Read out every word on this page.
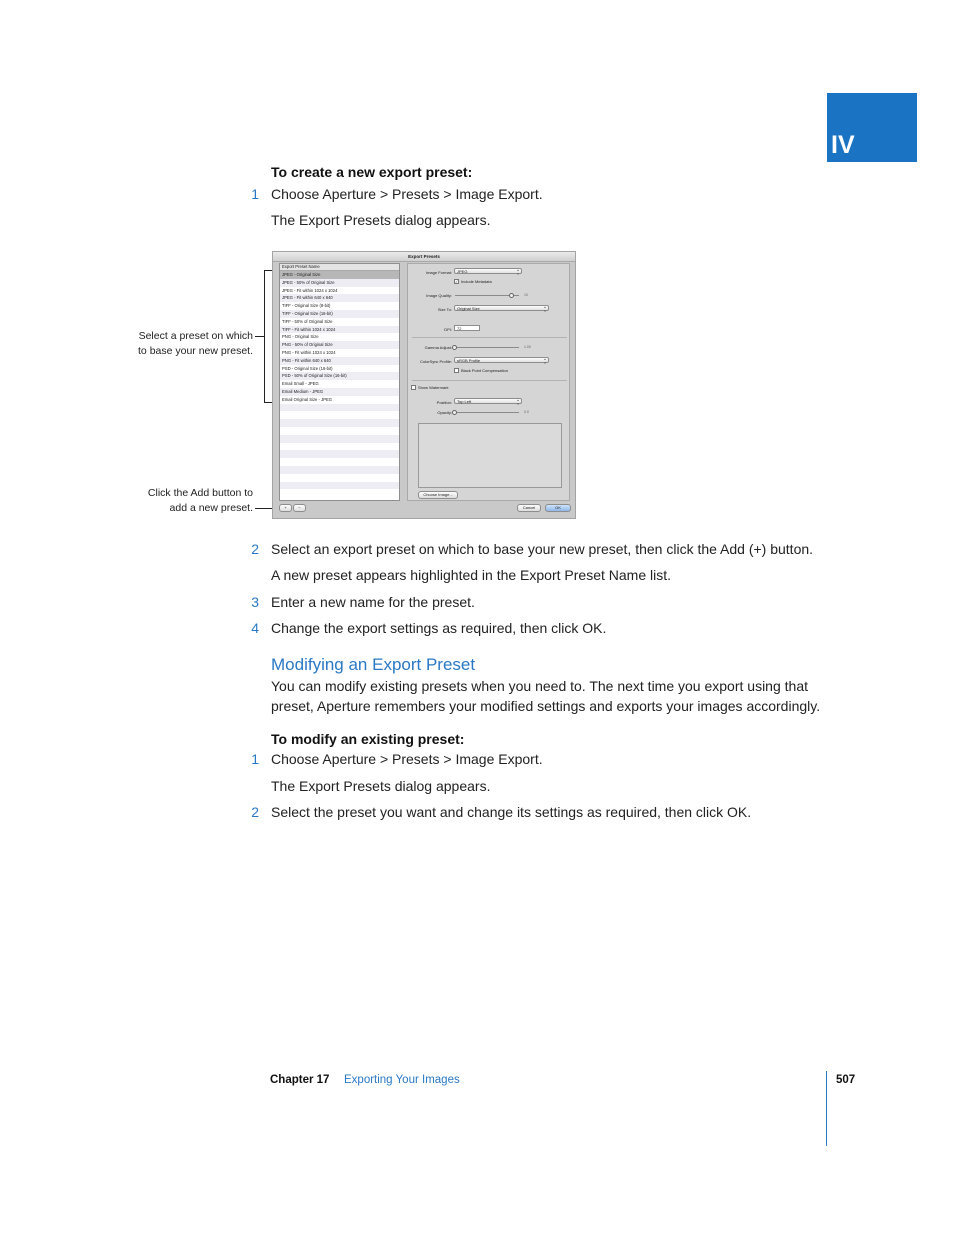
IV
To create a new export preset:
1 Choose Aperture > Presets > Image Export.
The Export Presets dialog appears.
Select a preset on which
to base your new preset.
Click the Add button to
add a new preset.
Export Presets
Export Preset Name
JPEG - Original Size
JPEG - 50% of Original Size
JPEG - Fit within 1024 x 1024
JPEG - Fit within 640 x 640
TIFF - Original Size (8-bit)
TIFF - Original Size (16-bit)
TIFF - 50% of Original Size
TIFF - Fit within 1024 x 1024
PNG - Original Size
PNG - 50% of Original Size
PNG - Fit within 1024 x 1024
PNG - Fit within 640 x 640
PSD - Original Size (16-bit)
PSD - 50% of Original Size (16-bit)
Email Small - JPEG
Email Medium - JPEG
Email Original Size - JPEG
+	−
Image Format:	JPEG ▴▾
✓ Include Metadata
Image Quality:	10
Size To:	Original Size ▴▾
DPI:	72
Gamma Adjust:	1.00
ColorSync Profile:	sRGB Profile ▴▾
Black Point Compensation
Show Watermark
Position:	Top Left ▴▾
Opacity:	0.0
Choose Image...
Cancel	OK
2 Select an export preset on which to base your new preset, then click the Add (+) button.
A new preset appears highlighted in the Export Preset Name list.
3 Enter a new name for the preset.
4 Change the export settings as required, then click OK.
Modifying an Export Preset
You can modify existing presets when you need to. The next time you export using that
preset, Aperture remembers your modified settings and exports your images accordingly.
To modify an existing preset:
1 Choose Aperture > Presets > Image Export.
The Export Presets dialog appears.
2 Select the preset you want and change its settings as required, then click OK.
Chapter 17 Exporting Your Images	507
